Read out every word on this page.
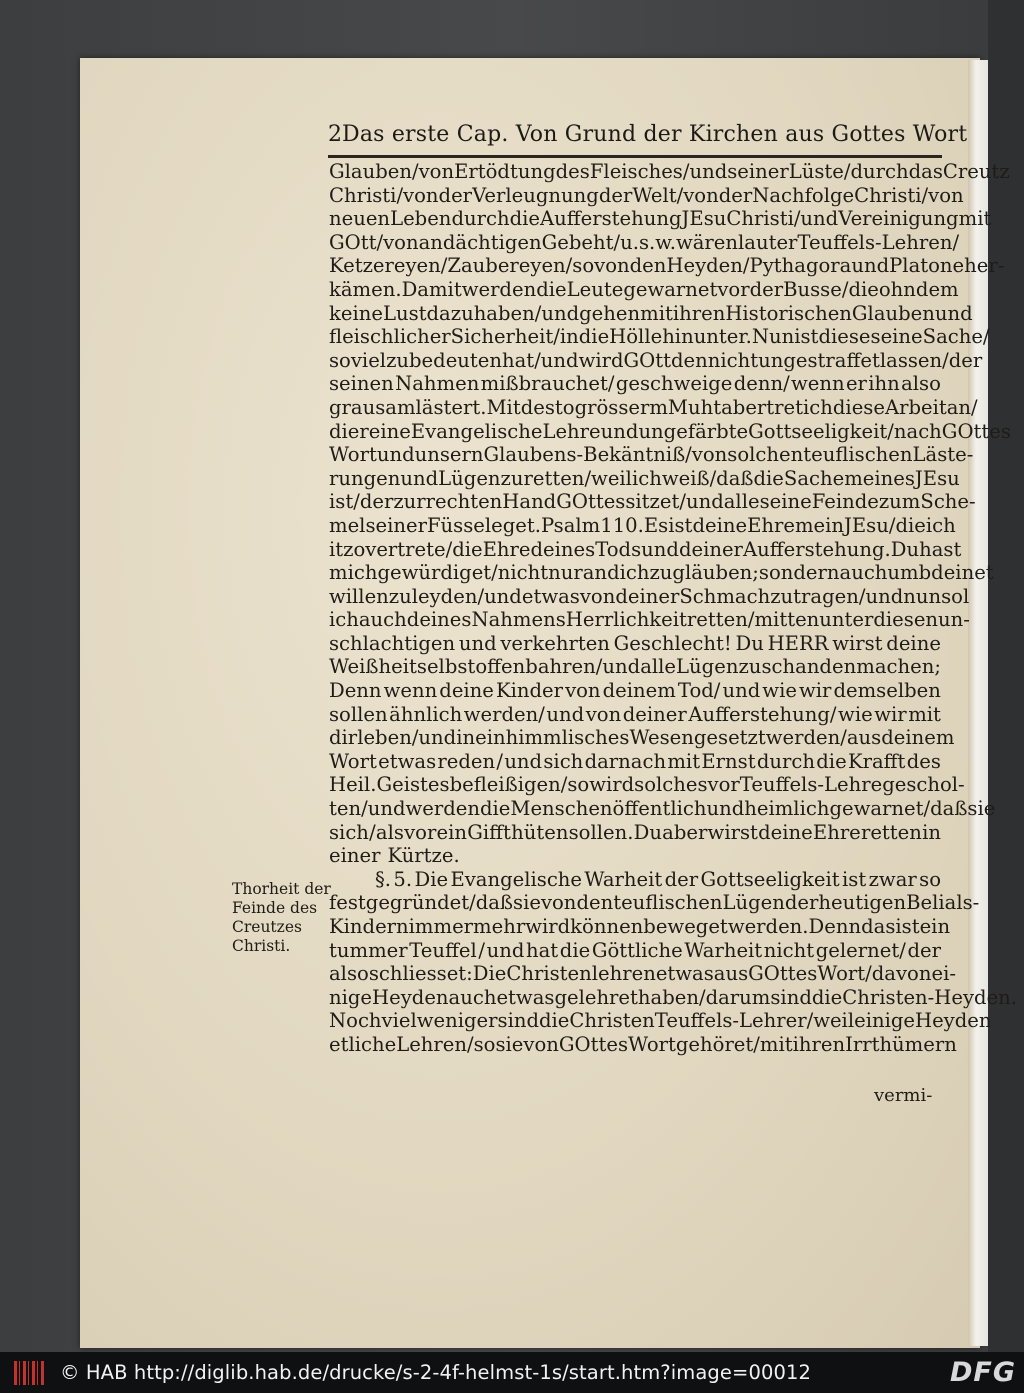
2 Das erste Cap. Von Grund der Kirchen aus Gottes Wort
Glauben/von Ertödtung des Fleisches/und seiner Lüste/durch das Creutz
Christi/ von der Verleugnung der Welt/ von der Nachfolge Christi/ von
neuen Leben durch die Aufferstehung JEsu Christi/und Vereinigung mit
GOtt/ von andächtigen Gebeht / u. s. w. wären lauter Teuffels-Lehren /
Ketzereyen/ Zaubereyen/so von den Heyden/ Pythagora und Platone her-
kämen. Damit werden die Leute gewarnet vor der Busse / die ohn dem
keine Lust dazu haben / und gehen mit ihren Historischen Glauben und
fleischlicher Sicherheit/in die Hölle hinunter. Nun ist dieses eine Sache/
so viel zu bedeuten hat / und wird GOtt den nicht ungestraffet lassen / der
seinen Nahmen mißbrauchet/ geschweige denn/ wenn er ihn also
grausam lästert. Mit desto grösserm Muht aber tret ich diese Arbeit an/
die reine Evangelische Lehre und ungefärbte Gottseeligkeit / nach GOttes
Wort und unsern Glaubens-Bekäntniß/ von solchen teuflischen Läste-
rungen und Lügen zu retten / weil ich weiß / daß die Sache meines JEsu
ist/ der zur rechten Hand GOttes sitzet / und alle seine Feinde zum Sche-
mel seiner Füsse leget. Psalm 110. Es ist deine Ehre mein JEsu / die ich
itzo vertrete / die Ehre deines Tods und deiner Aufferstehung. Du hast
mich gewürdiget / nicht nur an dich zu gläuben ; sondern auch umb deinet
willen zu leyden / und etwas von deiner Schmach zu tragen / und nun sol
ich auch deines Nahmens Herrlichkeit retten / mitten unter diesen un-
schlachtigen und verkehrten Geschlecht! Du HERR wirst deine
Weißheit selbst offenbahren/ und alle Lügen zu schanden machen ;
Denn wenn deine Kinder von deinem Tod/ und wie wir demselben
sollen ähnlich werden/ und von deiner Aufferstehung/ wie wir mit
dir leben / und in ein himmlisches Wesen gesetzt werden/ aus deinem
Wort etwas reden / und sich darnach mit Ernst durch die Krafft des
Heil. Geistes befleißigen / so wird solches vor Teuffels-Lehre geschol-
ten / und werden die Menschen öffentlich und heimlich gewarnet / daß sie
sich / als vor ein Gifft hüten sollen. Du aber wirst deine Ehre retten in
einer Kürtze.
§. 5. Die Evangelische Warheit der Gottseeligkeit ist zwar so
fest gegründet / daß sie von den teuflischen Lügen der heutigen Belials-
Kinder nimmermehr wird können beweget werden. Denn das ist ein
tummer Teuffel / und hat die Göttliche Warheit nicht gelernet/ der
also schliesset: Die Christen lehren etwas aus GOttes Wort / davon ei-
nige Heyden auch etwas gelehret haben / darum sind die Christen-Heyden.
Noch vielweniger sind die Christen Teuffels-Lehrer / weil einige Heyden
etliche Lehren/ so sie von GOttes Wort gehöret / mit ihren Irrthümern
Thorheit der
Feinde des
Creutzes
Christi.
vermi-
© HAB http://diglib.hab.de/drucke/s-2-4f-helmst-1s/start.htm?image=00012	DFG
